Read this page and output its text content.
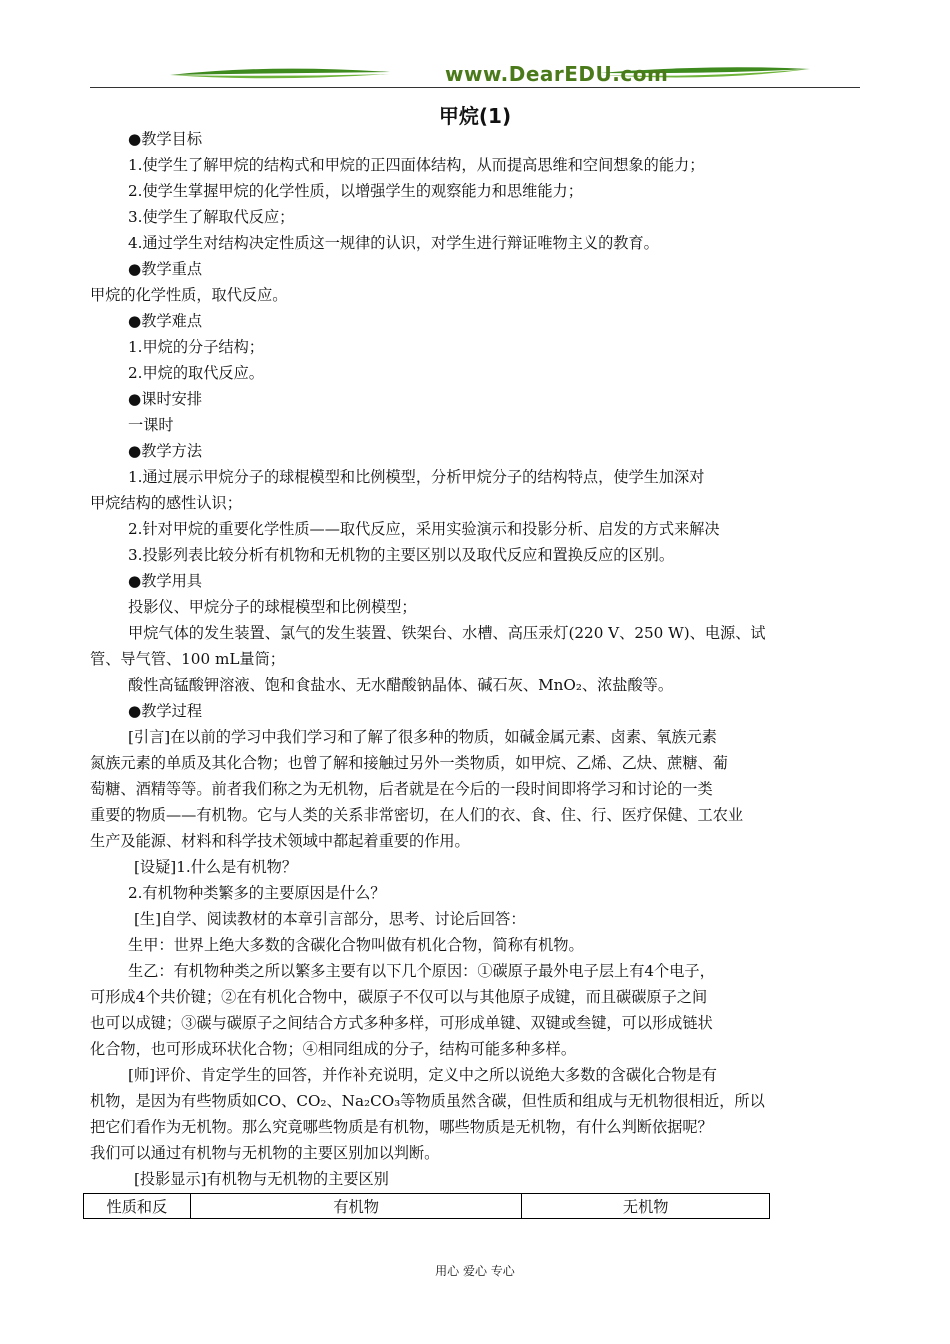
www.DearEDU.com
甲烷(1)

●教学目标

1.使学生了解甲烷的结构式和甲烷的正四面体结构，从而提高思维和空间想象的能力；

2.使学生掌握甲烷的化学性质，以增强学生的观察能力和思维能力；

3.使学生了解取代反应；

4.通过学生对结构决定性质这一规律的认识，对学生进行辩证唯物主义的教育。

●教学重点

甲烷的化学性质，取代反应。

●教学难点

1.甲烷的分子结构；

2.甲烷的取代反应。

●课时安排

一课时

●教学方法

1.通过展示甲烷分子的球棍模型和比例模型，分析甲烷分子的结构特点，使学生加深对

甲烷结构的感性认识；

2.针对甲烷的重要化学性质——取代反应，采用实验演示和投影分析、启发的方式来解决

3.投影列表比较分析有机物和无机物的主要区别以及取代反应和置换反应的区别。

●教学用具

投影仪、甲烷分子的球棍模型和比例模型；

甲烷气体的发生装置、氯气的发生装置、铁架台、水槽、高压汞灯(220 V、250 W)、电源、试

管、导气管、100 mL量筒；

酸性高锰酸钾溶液、饱和食盐水、无水醋酸钠晶体、碱石灰、MnO₂、浓盐酸等。

●教学过程

[引言]在以前的学习中我们学习和了解了很多种的物质，如碱金属元素、卤素、氧族元素

氮族元素的单质及其化合物；也曾了解和接触过另外一类物质，如甲烷、乙烯、乙炔、蔗糖、葡

萄糖、酒精等等。前者我们称之为无机物，后者就是在今后的一段时间即将学习和讨论的一类

重要的物质——有机物。它与人类的关系非常密切，在人们的衣、食、住、行、医疗保健、工农业

生产及能源、材料和科学技术领域中都起着重要的作用。

[设疑]1.什么是有机物？

2.有机物种类繁多的主要原因是什么？

[生]自学、阅读教材的本章引言部分，思考、讨论后回答：

生甲：世界上绝大多数的含碳化合物叫做有机化合物，简称有机物。

生乙：有机物种类之所以繁多主要有以下几个原因：①碳原子最外电子层上有4个电子，

可形成4个共价键；②在有机化合物中，碳原子不仅可以与其他原子成键，而且碳碳原子之间

也可以成键；③碳与碳原子之间结合方式多种多样，可形成单键、双键或叁键，可以形成链状

化合物，也可形成环状化合物；④相同组成的分子，结构可能多种多样。

[师]评价、肯定学生的回答，并作补充说明，定义中之所以说绝大多数的含碳化合物是有

机物，是因为有些物质如CO、CO₂、Na₂CO₃等物质虽然含碳，但性质和组成与无机物很相近，所以

把它们看作为无机物。那么究竟哪些物质是有机物，哪些物质是无机物，有什么判断依据呢？

我们可以通过有机物与无机物的主要区别加以判断。

[投影显示]有机物与无机物的主要区别

性质和反	有机物	无机物
用心 爱心 专心
